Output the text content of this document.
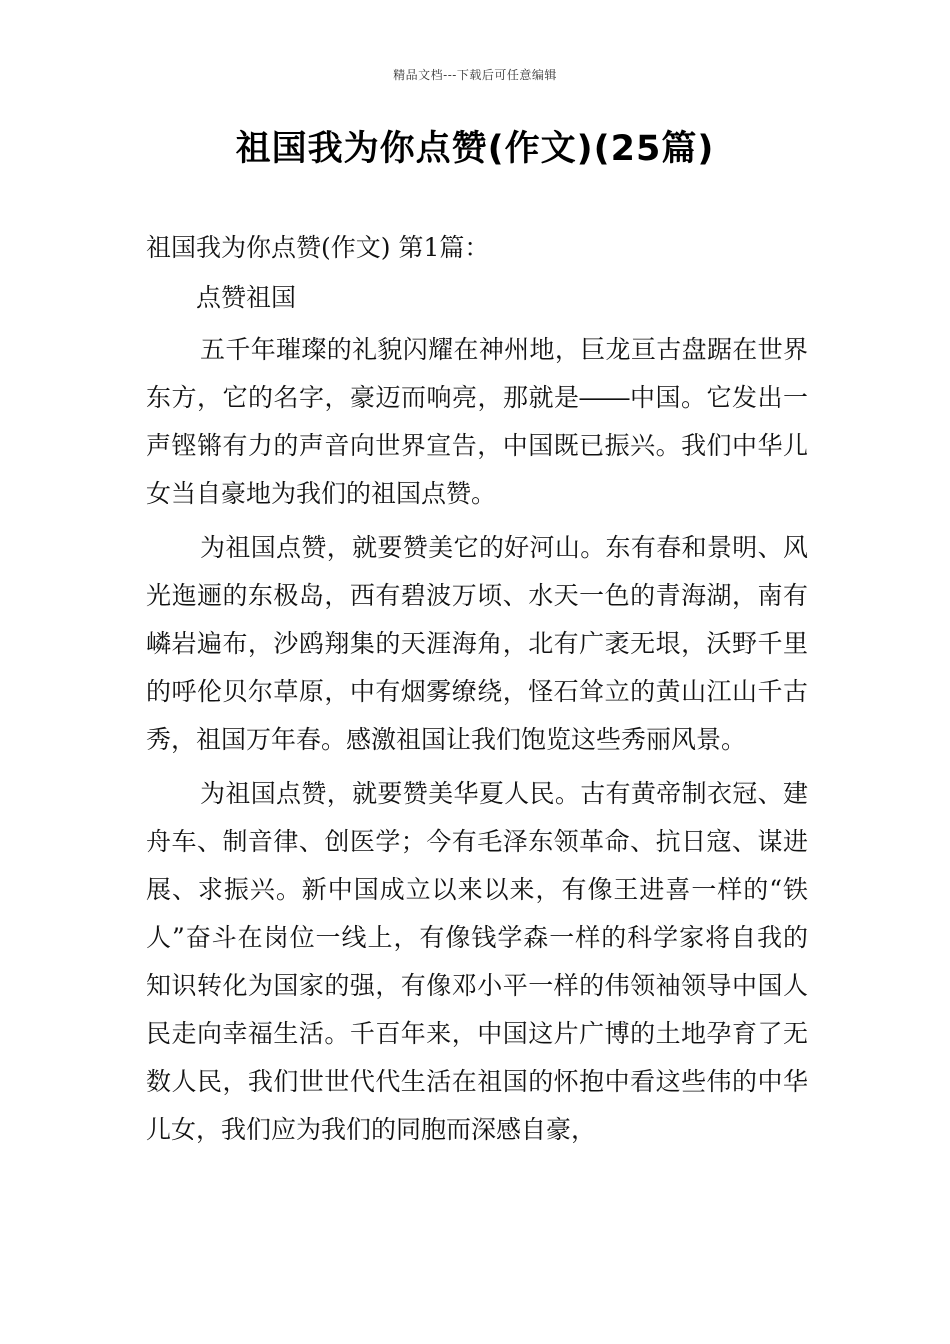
精品文档---下载后可任意编辑
祖国我为你点赞(作文)(25篇)

祖国我为你点赞(作文) 第1篇：

点赞祖国

五千年璀璨的礼貌闪耀在神州地，巨龙亘古盘踞在世界东方，它的名字，豪迈而响亮，那就是――中国。它发出一声铿锵有力的声音向世界宣告，中国既已振兴。我们中华儿女当自豪地为我们的祖国点赞。

为祖国点赞，就要赞美它的好河山。东有春和景明、风光迤逦的东极岛，西有碧波万顷、水天一色的青海湖，南有嶙岩遍布，沙鸥翔集的天涯海角，北有广袤无垠，沃野千里的呼伦贝尔草原，中有烟雾缭绕，怪石耸立的黄山江山千古秀，祖国万年春。感激祖国让我们饱览这些秀丽风景。

为祖国点赞，就要赞美华夏人民。古有黄帝制衣冠、建舟车、制音律、创医学；今有毛泽东领革命、抗日寇、谋进展、求振兴。新中国成立以来以来，有像王进喜一样的“铁人”奋斗在岗位一线上，有像钱学森一样的科学家将自我的知识转化为国家的强，有像邓小平一样的伟领袖领导中国人民走向幸福生活。千百年来，中国这片广博的土地孕育了无数人民，我们世世代代生活在祖国的怀抱中看这些伟的中华儿女，我们应为我们的同胞而深感自豪，
